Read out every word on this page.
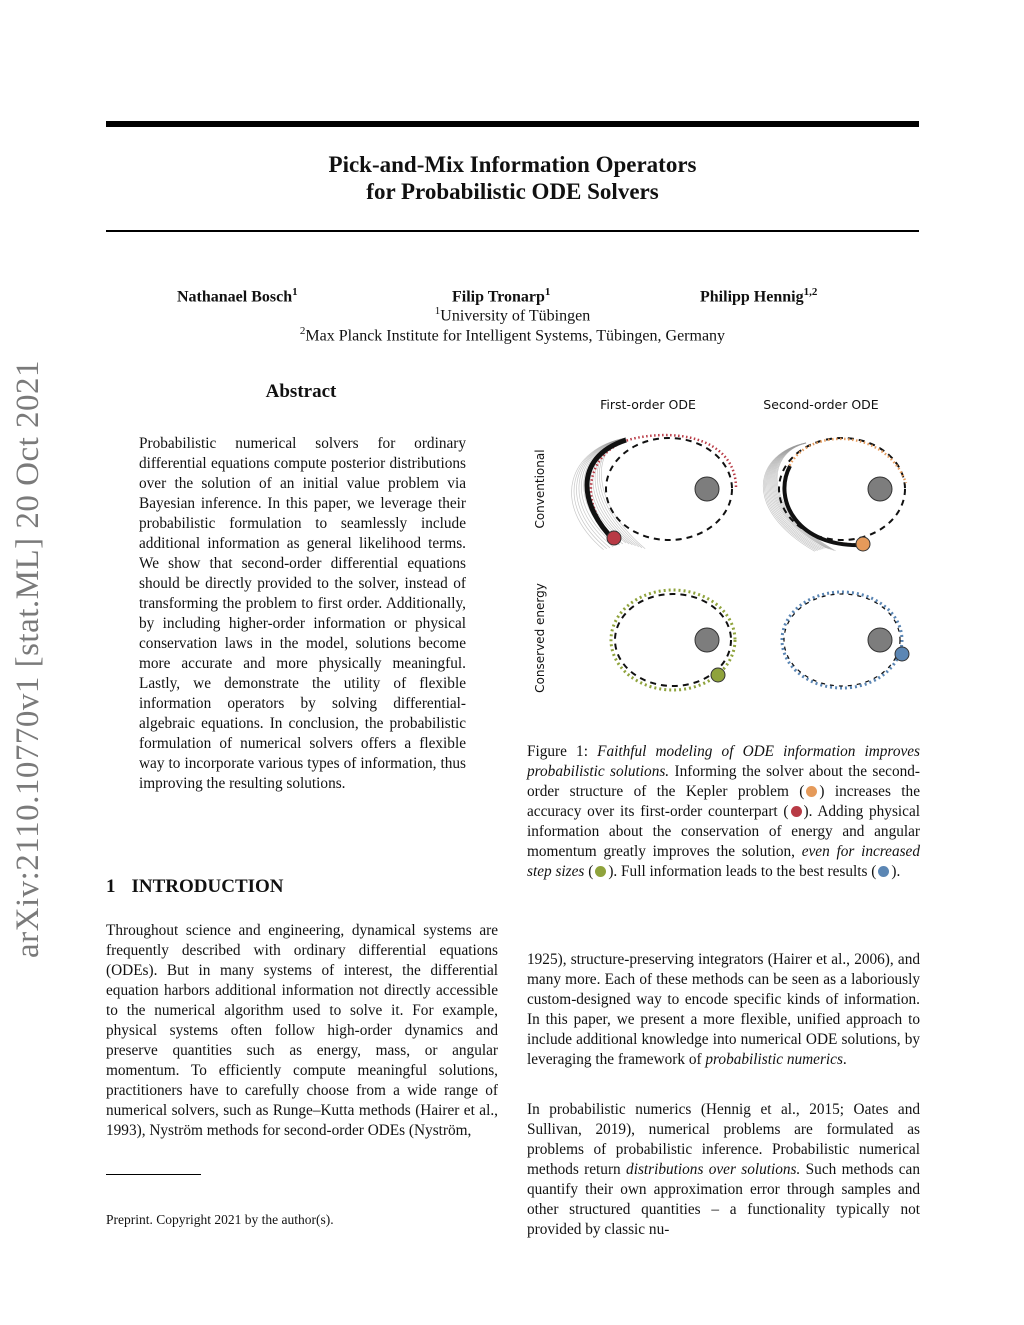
arXiv:2110.10770v1 [stat.ML] 20 Oct 2021
Pick-and-Mix Information Operators
for Probabilistic ODE Solvers
Nathanael Bosch$^1$	Filip Tronarp$^1$	Philipp Hennig$^{1,2}$
$^1$University of Tübingen
$^2$Max Planck Institute for Intelligent Systems, Tübingen, Germany
Abstract
Probabilistic numerical solvers for ordinary differential equations compute posterior distributions over the solution of an initial value problem via Bayesian inference. In this paper, we leverage their probabilistic formulation to seamlessly include additional information as general likelihood terms. We show that second-order differential equations should be directly provided to the solver, instead of transforming the problem to first order. Additionally, by including higher-order information or physical conservation laws in the model, solutions become more accurate and more physically meaningful. Lastly, we demonstrate the utility of flexible information operators by solving differential-algebraic equations. In conclusion, the probabilistic formulation of numerical solvers offers a flexible way to incorporate various types of information, thus improving the resulting solutions.
1 INTRODUCTION
Throughout science and engineering, dynamical systems are frequently described with ordinary differential equations (ODEs). But in many systems of interest, the differential equation harbors additional information not directly accessible to the numerical algorithm used to solve it. For example, physical systems often follow high-order dynamics and preserve quantities such as energy, mass, or angular momentum. To efficiently compute meaningful solutions, practitioners have to carefully choose from a wide range of numerical solvers, such as Runge–Kutta methods (Hairer et al., 1993), Nyström methods for second-order ODEs (Nyström,
Preprint. Copyright 2021 by the author(s).
First-order ODE	Second-order ODE
Conventional
Conserved energy
Figure 1: Faithful modeling of ODE information improves probabilistic solutions. Informing the solver about the second-order structure of the Kepler problem ( ) increases the accuracy over its first-order counterpart ( ). Adding physical information about the conservation of energy and angular momentum greatly improves the solution, even for increased step sizes ( ). Full information leads to the best results ( ).
1925), structure-preserving integrators (Hairer et al., 2006), and many more. Each of these methods can be seen as a laboriously custom-designed way to encode specific kinds of information. In this paper, we present a more flexible, unified approach to include additional knowledge into numerical ODE solutions, by leveraging the framework of probabilistic numerics.
In probabilistic numerics (Hennig et al., 2015; Oates and Sullivan, 2019), numerical problems are formulated as problems of probabilistic inference. Probabilistic numerical methods return distributions over solutions. Such methods can quantify their own approximation error through samples and other structured quantities – a functionality typically not provided by classic nu-
